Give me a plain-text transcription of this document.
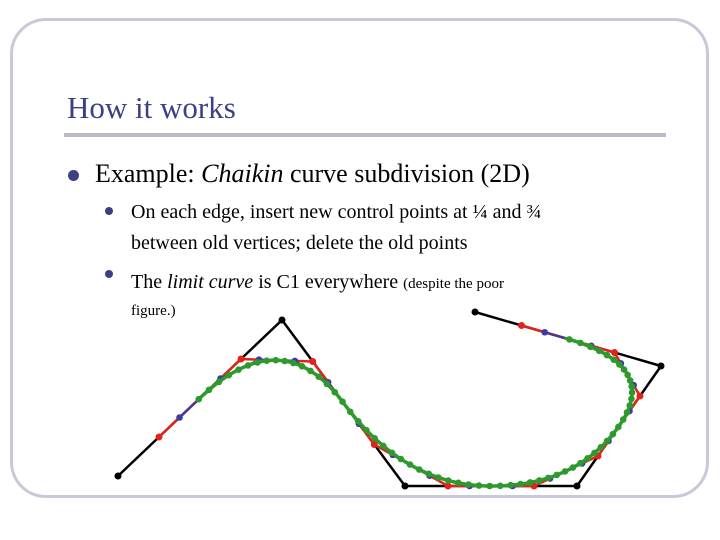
How it works
Example: Chaikin curve subdivision (2D)
On each edge, insert new control points at ¼ and ¾
between old vertices; delete the old points
The limit curve is C1 everywhere (despite the poor
figure.)
